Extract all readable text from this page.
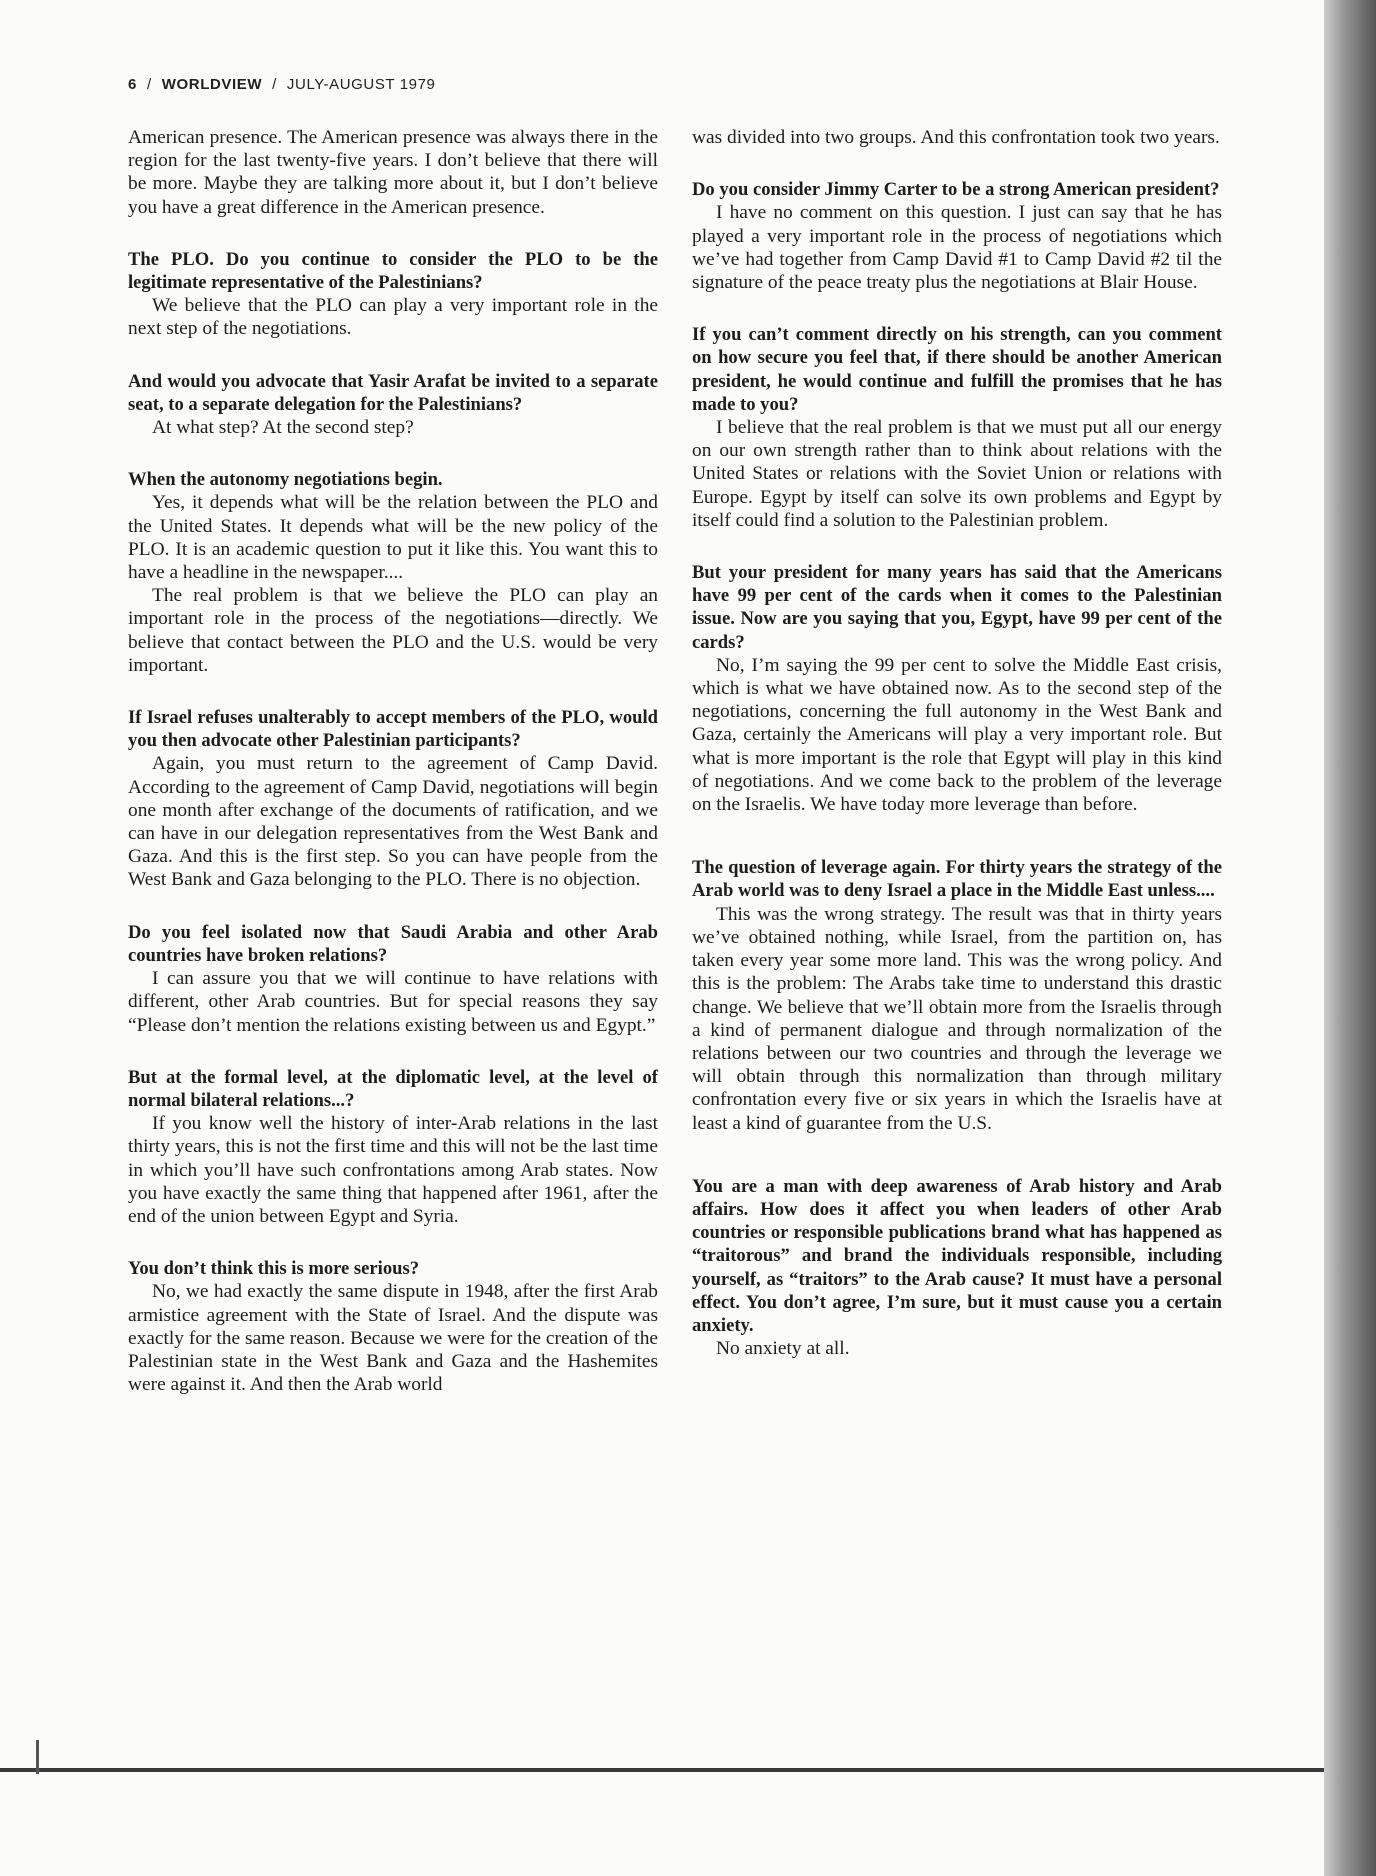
6 / WORLDVIEW / JULY-AUGUST 1979

American presence. The American presence was always there in the region for the last twenty-five years. I don’t believe that there will be more. Maybe they are talking more about it, but I don’t believe you have a great difference in the American presence.

The PLO. Do you continue to consider the PLO to be the legitimate representative of the Palestinians?

We believe that the PLO can play a very important role in the next step of the negotiations.

And would you advocate that Yasir Arafat be invited to a separate seat, to a separate delegation for the Palestinians?

At what step? At the second step?

When the autonomy negotiations begin.

Yes, it depends what will be the relation between the PLO and the United States. It depends what will be the new policy of the PLO. It is an academic question to put it like this. You want this to have a headline in the newspaper....

The real problem is that we believe the PLO can play an important role in the process of the negotiations—directly. We believe that contact between the PLO and the U.S. would be very important.

If Israel refuses unalterably to accept members of the PLO, would you then advocate other Palestinian participants?

Again, you must return to the agreement of Camp David. According to the agreement of Camp David, negotiations will begin one month after exchange of the documents of ratification, and we can have in our delegation representatives from the West Bank and Gaza. And this is the first step. So you can have people from the West Bank and Gaza belonging to the PLO. There is no objection.

Do you feel isolated now that Saudi Arabia and other Arab countries have broken relations?

I can assure you that we will continue to have relations with different, other Arab countries. But for special reasons they say “Please don’t mention the relations existing between us and Egypt.”

But at the formal level, at the diplomatic level, at the level of normal bilateral relations...?

If you know well the history of inter-Arab relations in the last thirty years, this is not the first time and this will not be the last time in which you’ll have such confrontations among Arab states. Now you have exactly the same thing that happened after 1961, after the end of the union between Egypt and Syria.

You don’t think this is more serious?

No, we had exactly the same dispute in 1948, after the first Arab armistice agreement with the State of Israel. And the dispute was exactly for the same reason. Because we were for the creation of the Palestinian state in the West Bank and Gaza and the Hashemites were against it. And then the Arab world

was divided into two groups. And this confrontation took two years.

Do you consider Jimmy Carter to be a strong American president?

I have no comment on this question. I just can say that he has played a very important role in the process of negotiations which we’ve had together from Camp David #1 to Camp David #2 til the signature of the peace treaty plus the negotiations at Blair House.

If you can’t comment directly on his strength, can you comment on how secure you feel that, if there should be another American president, he would continue and fulfill the promises that he has made to you?

I believe that the real problem is that we must put all our energy on our own strength rather than to think about relations with the United States or relations with the Soviet Union or relations with Europe. Egypt by itself can solve its own problems and Egypt by itself could find a solution to the Palestinian problem.

But your president for many years has said that the Americans have 99 per cent of the cards when it comes to the Palestinian issue. Now are you saying that you, Egypt, have 99 per cent of the cards?

No, I’m saying the 99 per cent to solve the Middle East crisis, which is what we have obtained now. As to the second step of the negotiations, concerning the full autonomy in the West Bank and Gaza, certainly the Americans will play a very important role. But what is more important is the role that Egypt will play in this kind of negotiations. And we come back to the problem of the leverage on the Israelis. We have today more leverage than before.

The question of leverage again. For thirty years the strategy of the Arab world was to deny Israel a place in the Middle East unless....

This was the wrong strategy. The result was that in thirty years we’ve obtained nothing, while Israel, from the partition on, has taken every year some more land. This was the wrong policy. And this is the problem: The Arabs take time to understand this drastic change. We believe that we’ll obtain more from the Israelis through a kind of permanent dialogue and through normalization of the relations between our two countries and through the leverage we will obtain through this normalization than through military confrontation every five or six years in which the Israelis have at least a kind of guarantee from the U.S.

You are a man with deep awareness of Arab history and Arab affairs. How does it affect you when leaders of other Arab countries or responsible publications brand what has happened as “traitorous” and brand the individuals responsible, including yourself, as “traitors” to the Arab cause? It must have a personal effect. You don’t agree, I’m sure, but it must cause you a certain anxiety.

No anxiety at all.
